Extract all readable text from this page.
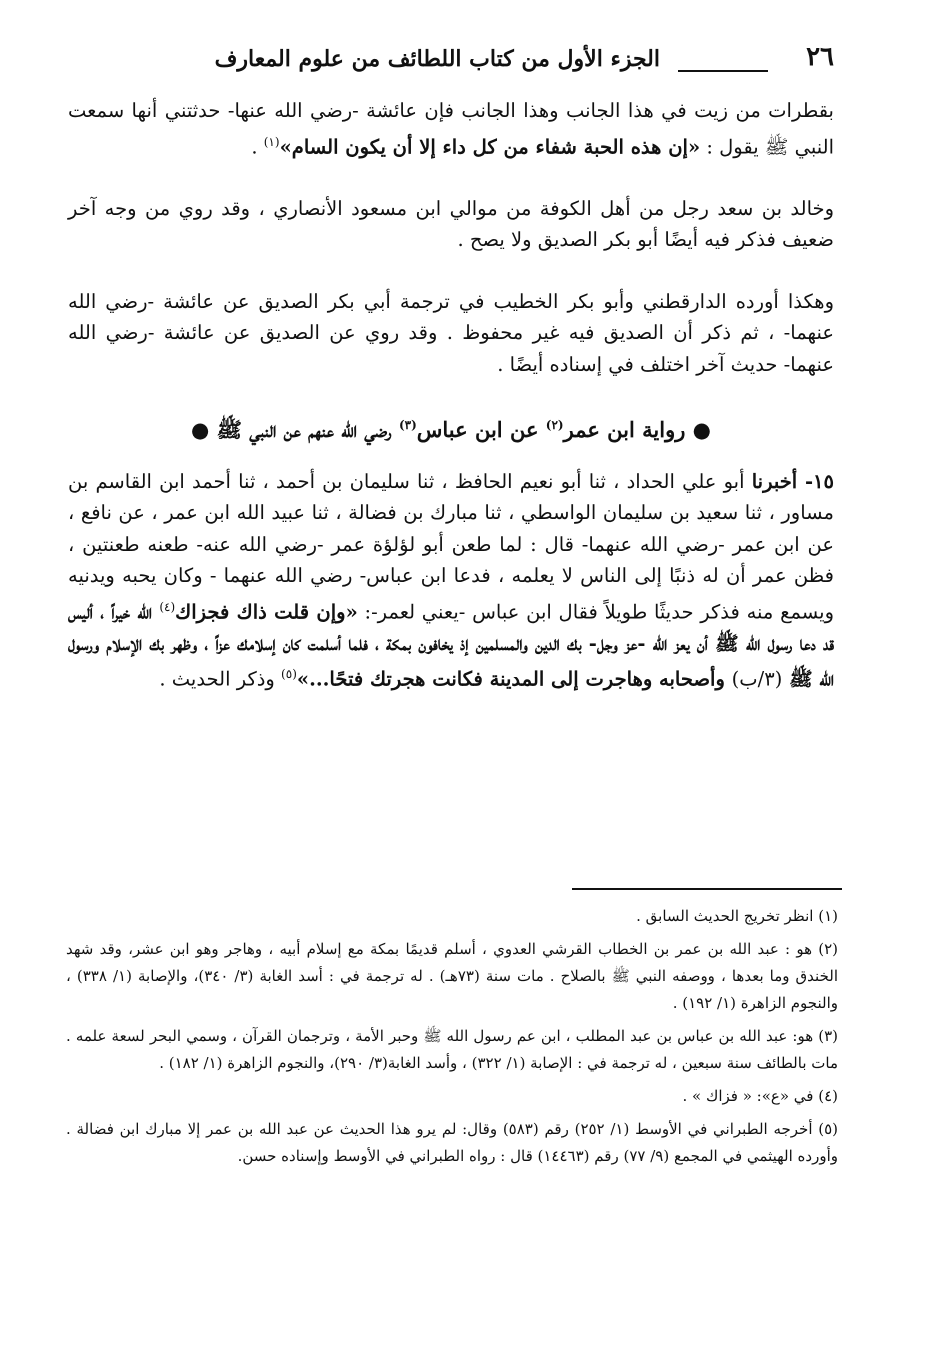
٢٦
الجزء الأول من كتاب اللطائف من علوم المعارف

بقطرات من زيت في هذا الجانب وهذا الجانب فإن عائشة -رضي الله عنها- حدثتني أنها سمعت النبي ﷺ يقول : «إن هذه الحبة شفاء من كل داء إلا أن يكون السام»$^{(١)}$ .

وخالد بن سعد رجل من أهل الكوفة من موالي ابن مسعود الأنصاري ، وقد روي من وجه آخر ضعيف فذكر فيه أيضًا أبو بكر الصديق ولا يصح .

وهكذا أورده الدارقطني وأبو بكر الخطيب في ترجمة أبي بكر الصديق عن عائشة -رضي الله عنهما- ، ثم ذكر أن الصديق فيه غير محفوظ . وقد روي عن الصديق عن عائشة -رضي الله عنهما- حديث آخر اختلف في إسناده أيضًا .

● رواية ابن عمر$^{(٢)}$ عن ابن عباس$^{(٣)}$ رضي الله عنهم عن النبي ﷺ ●

١٥- أخبرنا أبو علي الحداد ، ثنا أبو نعيم الحافظ ، ثنا سليمان بن أحمد ، ثنا أحمد ابن القاسم بن مساور ، ثنا سعيد بن سليمان الواسطي ، ثنا مبارك بن فضالة ، ثنا عبيد الله ابن عمر ، عن نافع ، عن ابن عمر -رضي الله عنهما- قال : لما طعن أبو لؤلؤة عمر -رضي الله عنه- طعنه طعنتين ، فظن عمر أن له ذنبًا إلى الناس لا يعلمه ، فدعا ابن عباس- رضي الله عنهما - وكان يحبه ويدنيه ويسمع منه فذكر حديثًا طويلاً فقال ابن عباس -يعني لعمر-: «وإن قلت ذاك فجزاك$^{(٤)}$ الله خيراً ، أليس قد دعا رسول الله ﷺ أن يعز الله -عز وجل- بك الدين والمسلمين إذ يخافون بمكة ، فلما أسلمت كان إسلامك عزاً ، وظهر بك الإسلام ورسول الله ﷺ (٣/ب) وأصحابه وهاجرت إلى المدينة فكانت هجرتك فتحًا...»$^{(٥)}$ وذكر الحديث .

(١) انظر تخريج الحديث السابق .

(٢) هو : عبد الله بن عمر بن الخطاب القرشي العدوي ، أسلم قديمًا بمكة مع إسلام أبيه ، وهاجر وهو ابن عشر، وقد شهد الخندق وما بعدها ، ووصفه النبي ﷺ بالصلاح . مات سنة (٧٣هـ) . له ترجمة في : أسد الغابة (٣/ ٣٤٠)، والإصابة (١/ ٣٣٨) ، والنجوم الزاهرة (١/ ١٩٢) .

(٣) هو: عبد الله بن عباس بن عبد المطلب ، ابن عم رسول الله ﷺ وحبر الأمة ، وترجمان القرآن ، وسمي البحر لسعة علمه . مات بالطائف سنة سبعين ، له ترجمة في : الإصابة (١/ ٣٢٢) ، وأسد الغابة(٣/ ٢٩٠)، والنجوم الزاهرة (١/ ١٨٢) .

(٤) في «ع»: « فزاك » .

(٥) أخرجه الطبراني في الأوسط (١/ ٢٥٢) رقم (٥٨٣) وقال: لم يرو هذا الحديث عن عبد الله بن عمر إلا مبارك ابن فضالة . وأورده الهيثمي في المجمع (٩/ ٧٧) رقم (١٤٤٦٣) قال : رواه الطبراني في الأوسط وإسناده حسن.
